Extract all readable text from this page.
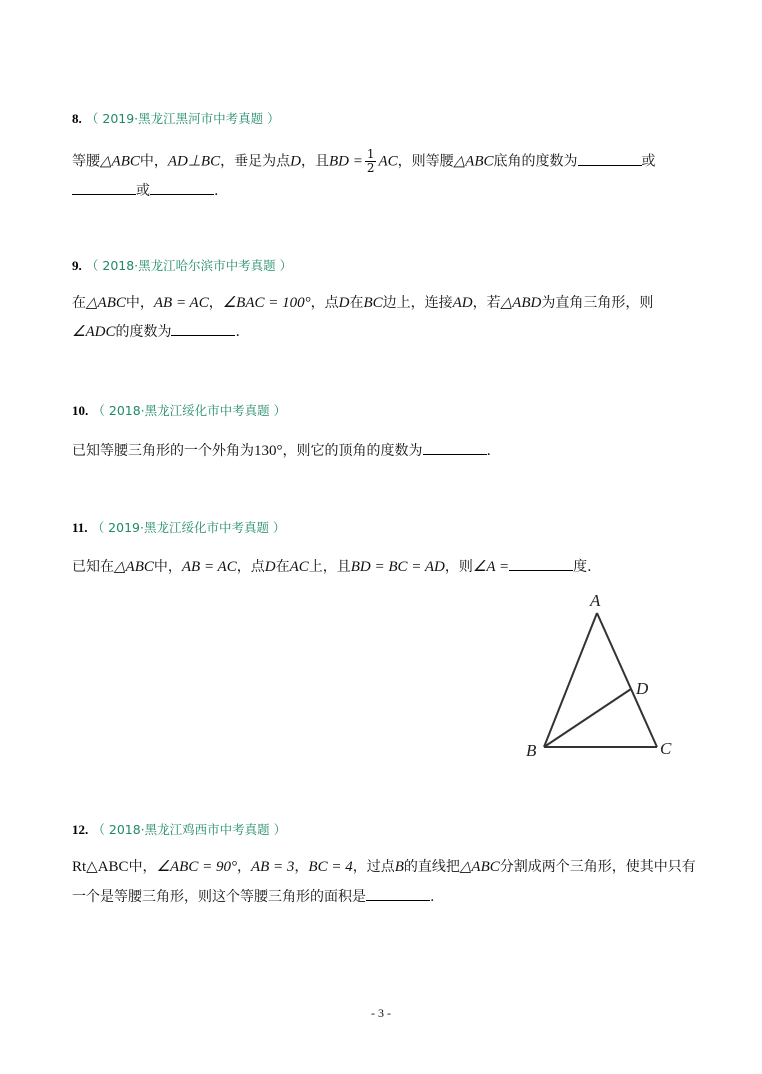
8. （ 2019·黑龙江黑河市中考真题 ）
等腰△ABC中，AD⊥BC，垂足为点D，且BD = $\frac{1}{2}$ AC，则等腰△ABC底角的度数为	或
或	.
9. （ 2018·黑龙江哈尔滨市中考真题 ）
在△ABC中，AB = AC，∠BAC = 100°，点D在BC边上，连接AD，若△ABD为直角三角形，则
∠ADC的度数为	.
10. （ 2018·黑龙江绥化市中考真题 ）
已知等腰三角形的一个外角为130°，则它的顶角的度数为	.
11. （ 2019·黑龙江绥化市中考真题 ）
已知在△ABC中，AB = AC，点D在AC上，且BD = BC = AD，则∠A =	度.
A
B	C
D
12. （ 2018·黑龙江鸡西市中考真题 ）
Rt△ABC中，∠ABC = 90°，AB = 3，BC = 4，过点B的直线把△ABC分割成两个三角形，使其中只有
一个是等腰三角形，则这个等腰三角形的面积是	.
- 3 -
